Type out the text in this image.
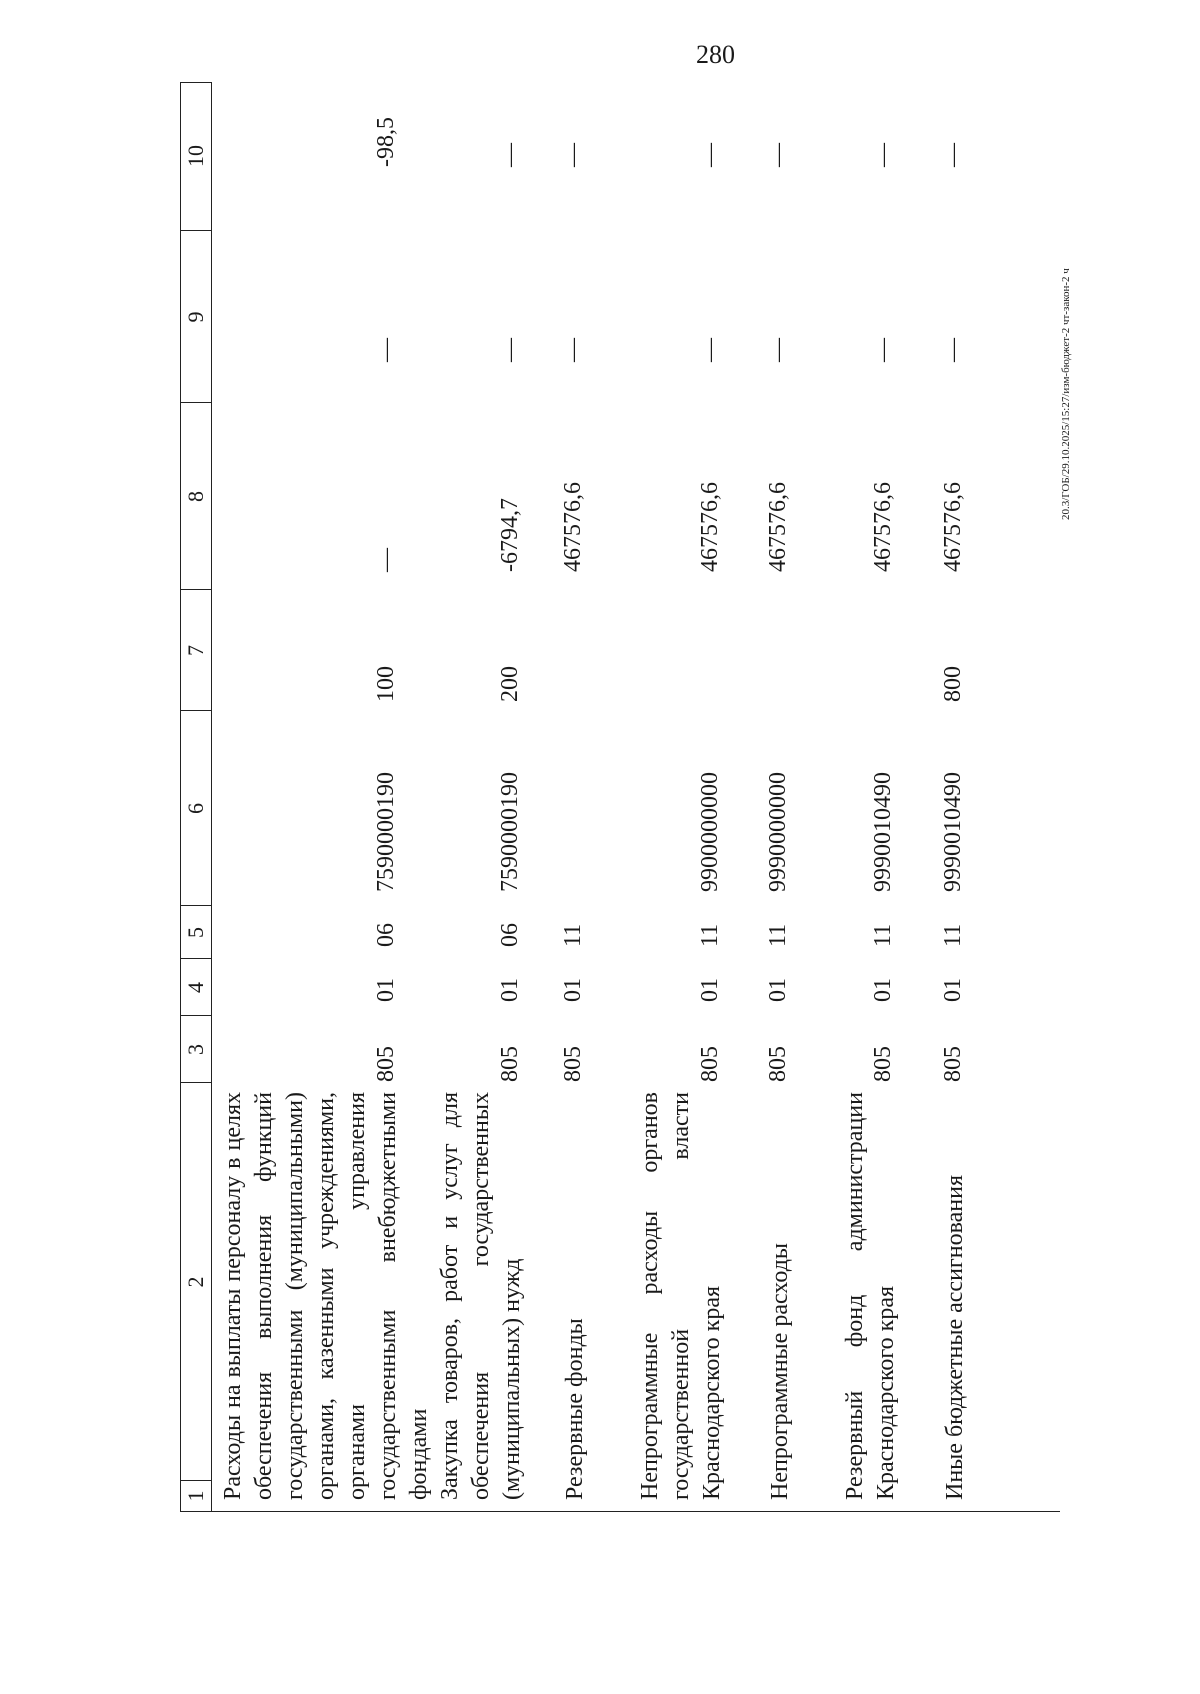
280
20.3/ГОБ/29.10.2025/15:27/изм-бюджет-2 чт-закон-2 ч
1
2
3
4
5
6
7
8
9
10
Расходы на выплаты персоналу в целях обеспечения выполнения функций государственными (муниципальными) органами, казенными учреждениями, органами управления государственными внебюджетными фондами
805
01
06
7590000190
100
—
—
-98,5
Закупка товаров, работ и услуг для обеспечения государственных (муниципальных) нужд
805
01
06
7590000190
200
-6794,7
—
—
Резервные фонды
805
01
11
467576,6
—
—
Непрограммные расходы органов государственной власти Краснодарского края
805
01
11
9900000000
467576,6
—
—
Непрограммные расходы
805
01
11
9990000000
467576,6
—
—
Резервный фонд администрации Краснодарского края
805
01
11
9990010490
467576,6
—
—
Иные бюджетные ассигнования
805
01
11
9990010490
800
467576,6
—
—
